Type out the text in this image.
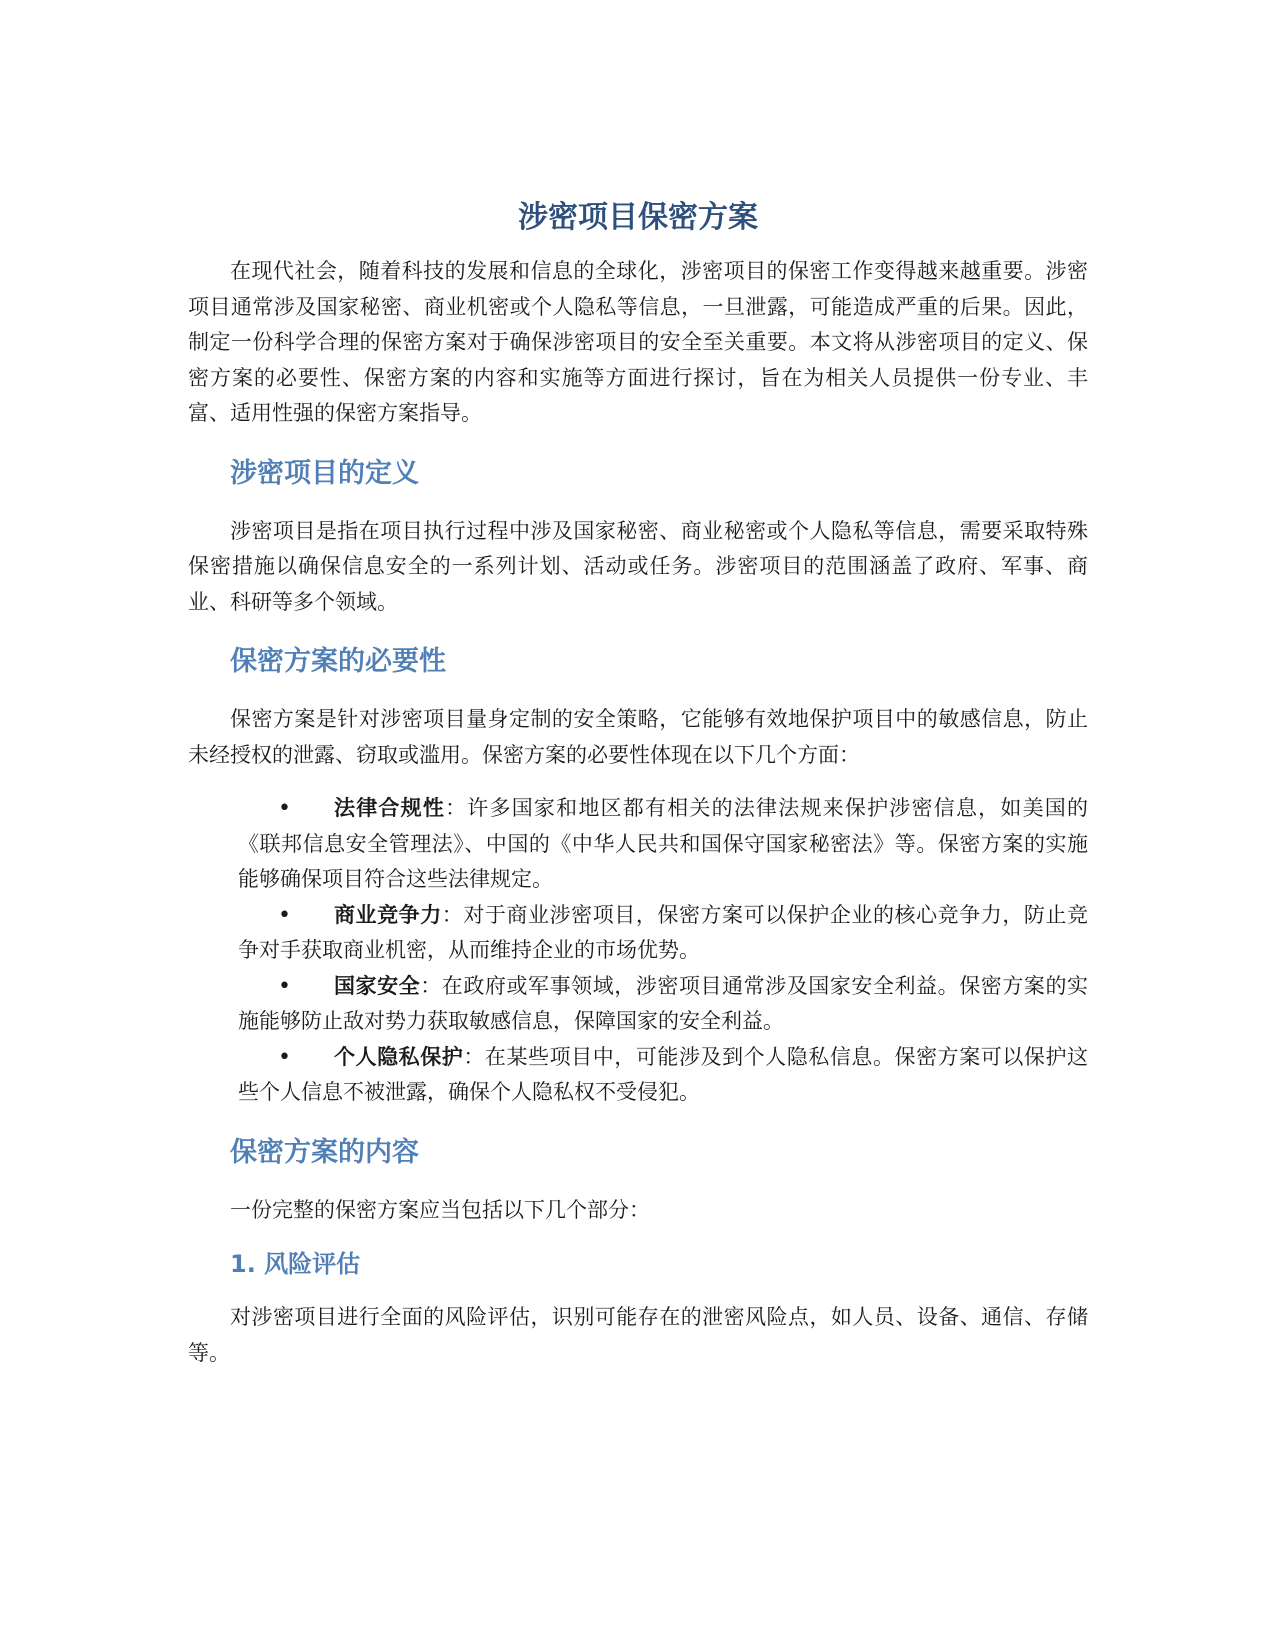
涉密项目保密方案

在现代社会，随着科技的发展和信息的全球化，涉密项目的保密工作变得越来越重要。涉密项目通常涉及国家秘密、商业机密或个人隐私等信息，一旦泄露，可能造成严重的后果。因此，制定一份科学合理的保密方案对于确保涉密项目的安全至关重要。本文将从涉密项目的定义、保密方案的必要性、保密方案的内容和实施等方面进行探讨，旨在为相关人员提供一份专业、丰富、适用性强的保密方案指导。

涉密项目的定义

涉密项目是指在项目执行过程中涉及国家秘密、商业秘密或个人隐私等信息，需要采取特殊保密措施以确保信息安全的一系列计划、活动或任务。涉密项目的范围涵盖了政府、军事、商业、科研等多个领域。

保密方案的必要性

保密方案是针对涉密项目量身定制的安全策略，它能够有效地保护项目中的敏感信息，防止未经授权的泄露、窃取或滥用。保密方案的必要性体现在以下几个方面：

• 法律合规性：许多国家和地区都有相关的法律法规来保护涉密信息，如美国的《联邦信息安全管理法》、中国的《中华人民共和国保守国家秘密法》等。保密方案的实施能够确保项目符合这些法律规定。
• 商业竞争力：对于商业涉密项目，保密方案可以保护企业的核心竞争力，防止竞争对手获取商业机密，从而维持企业的市场优势。
• 国家安全：在政府或军事领域，涉密项目通常涉及国家安全利益。保密方案的实施能够防止敌对势力获取敏感信息，保障国家的安全利益。
• 个人隐私保护：在某些项目中，可能涉及到个人隐私信息。保密方案可以保护这些个人信息不被泄露，确保个人隐私权不受侵犯。
保密方案的内容

一份完整的保密方案应当包括以下几个部分：

1. 风险评估

对涉密项目进行全面的风险评估，识别可能存在的泄密风险点，如人员、设备、通信、存储等。
